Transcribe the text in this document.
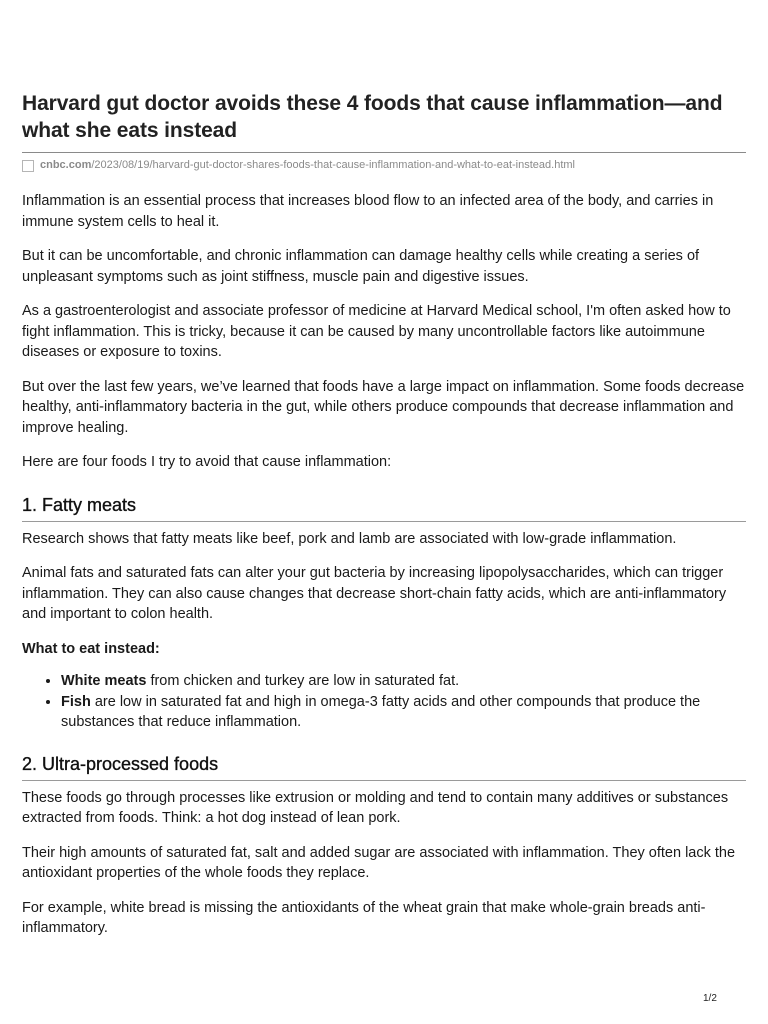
Harvard gut doctor avoids these 4 foods that cause inflammation—and what she eats instead
cnbc.com /2023/08/19/harvard-gut-doctor-shares-foods-that-cause-inflammation-and-what-to-eat-instead.html

Inflammation is an essential process that increases blood flow to an infected area of the body, and carries in immune system cells to heal it.

But it can be uncomfortable, and chronic inflammation can damage healthy cells while creating a series of unpleasant symptoms such as joint stiffness, muscle pain and digestive issues.

As a gastroenterologist and associate professor of medicine at Harvard Medical school, I'm often asked how to fight inflammation. This is tricky, because it can be caused by many uncontrollable factors like autoimmune diseases or exposure to toxins.

But over the last few years, we’ve learned that foods have a large impact on inflammation. Some foods decrease healthy, anti-inflammatory bacteria in the gut, while others produce compounds that decrease inflammation and improve healing.

Here are four foods I try to avoid that cause inflammation:

1. Fatty meats

Research shows that fatty meats like beef, pork and lamb are associated with low-grade inflammation.

Animal fats and saturated fats can alter your gut bacteria by increasing lipopolysaccharides, which can trigger inflammation. They can also cause changes that decrease short-chain fatty acids, which are anti-inflammatory and important to colon health.

What to eat instead:

• White meats from chicken and turkey are low in saturated fat.
• Fish are low in saturated fat and high in omega-3 fatty acids and other compounds that produce the substances that reduce inflammation.
2. Ultra-processed foods

These foods go through processes like extrusion or molding and tend to contain many additives or substances extracted from foods. Think: a hot dog instead of lean pork.

Their high amounts of saturated fat, salt and added sugar are associated with inflammation. They often lack the antioxidant properties of the whole foods they replace.

For example, white bread is missing the antioxidants of the wheat grain that make whole-grain breads anti-inflammatory.

1/2
